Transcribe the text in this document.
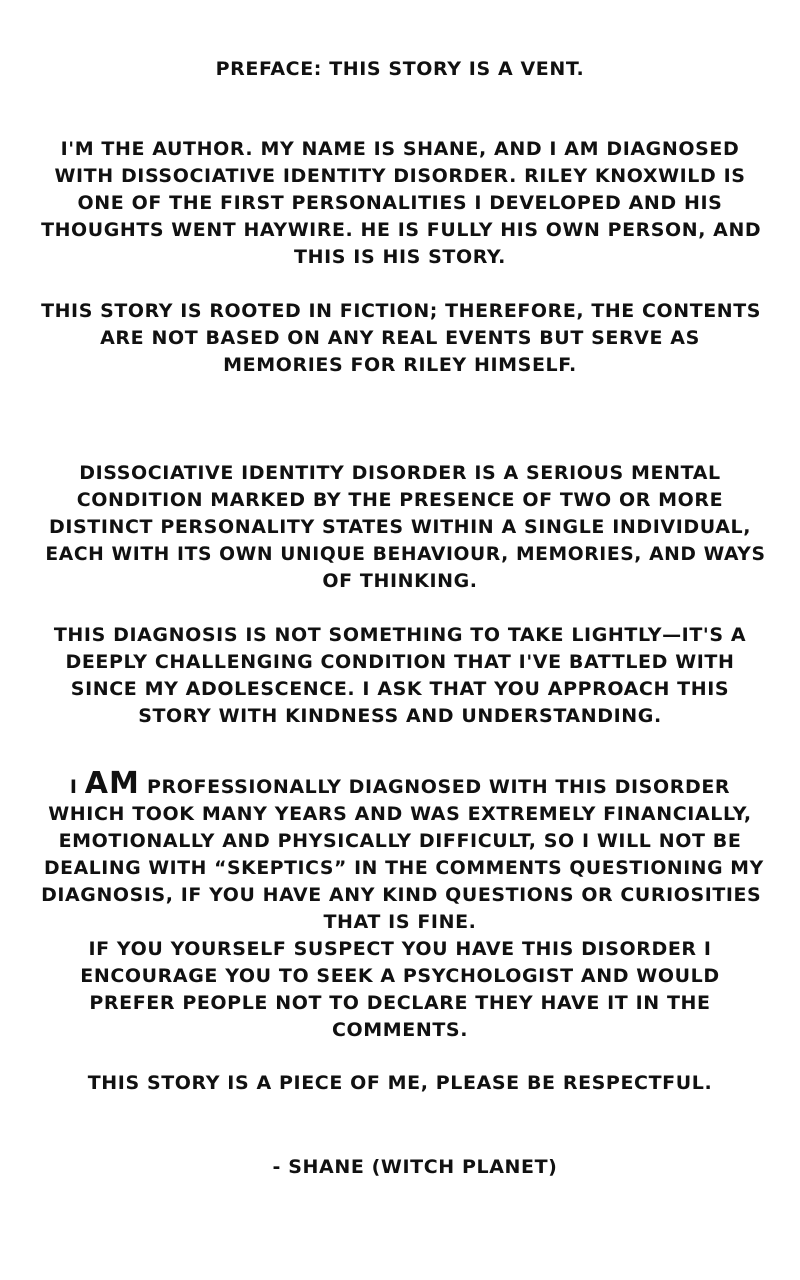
PREFACE: THIS STORY IS A VENT.

I'M THE AUTHOR. MY NAME IS SHANE, AND I AM DIAGNOSED
WITH DISSOCIATIVE IDENTITY DISORDER. RILEY KNOXWILD IS
ONE OF THE FIRST PERSONALITIES I DEVELOPED AND HIS
THOUGHTS WENT HAYWIRE. HE IS FULLY HIS OWN PERSON, AND
THIS IS HIS STORY.

THIS STORY IS ROOTED IN FICTION; THEREFORE, THE CONTENTS
ARE NOT BASED ON ANY REAL EVENTS BUT SERVE AS
MEMORIES FOR RILEY HIMSELF.

DISSOCIATIVE IDENTITY DISORDER IS A SERIOUS MENTAL
CONDITION MARKED BY THE PRESENCE OF TWO OR MORE
DISTINCT PERSONALITY STATES WITHIN A SINGLE INDIVIDUAL,
EACH WITH ITS OWN UNIQUE BEHAVIOUR, MEMORIES, AND WAYS
OF THINKING.

THIS DIAGNOSIS IS NOT SOMETHING TO TAKE LIGHTLY—IT'S A
DEEPLY CHALLENGING CONDITION THAT I'VE BATTLED WITH
SINCE MY ADOLESCENCE. I ASK THAT YOU APPROACH THIS
STORY WITH KINDNESS AND UNDERSTANDING.

I AM PROFESSIONALLY DIAGNOSED WITH THIS DISORDER
WHICH TOOK MANY YEARS AND WAS EXTREMELY FINANCIALLY,
EMOTIONALLY AND PHYSICALLY DIFFICULT, SO I WILL NOT BE
DEALING WITH “SKEPTICS” IN THE COMMENTS QUESTIONING MY
DIAGNOSIS, IF YOU HAVE ANY KIND QUESTIONS OR CURIOSITIES
THAT IS FINE.
IF YOU YOURSELF SUSPECT YOU HAVE THIS DISORDER I
ENCOURAGE YOU TO SEEK A PSYCHOLOGIST AND WOULD
PREFER PEOPLE NOT TO DECLARE THEY HAVE IT IN THE
COMMENTS.

THIS STORY IS A PIECE OF ME, PLEASE BE RESPECTFUL.

- SHANE (WITCH PLANET)
